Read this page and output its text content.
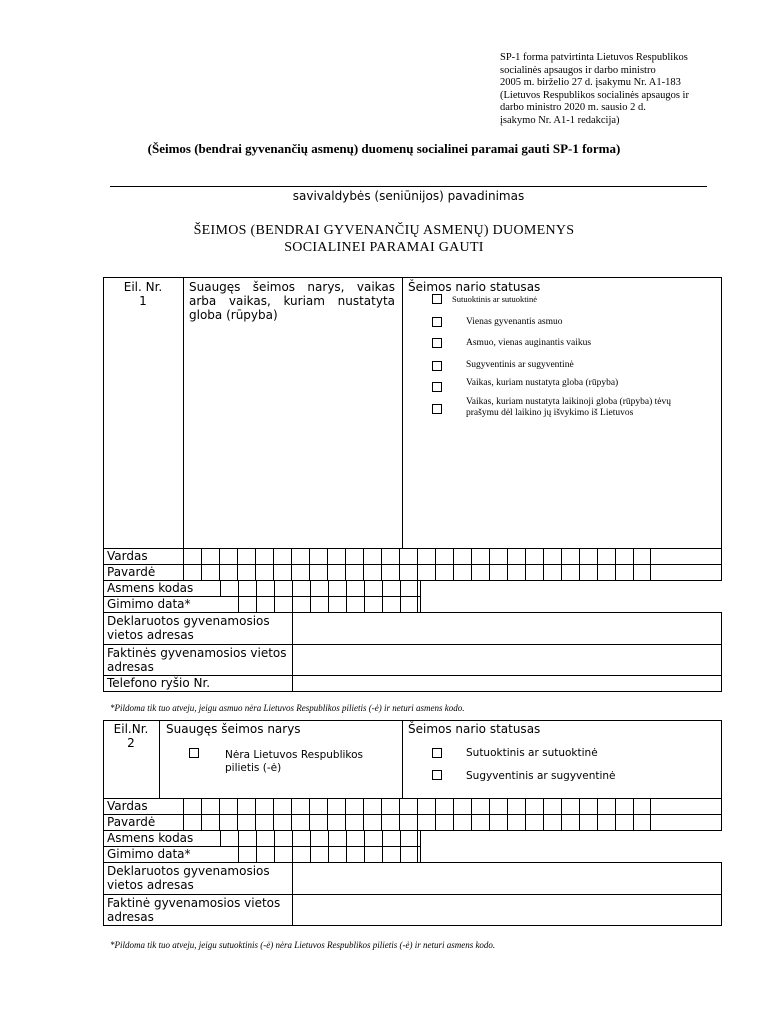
SP-1 forma patvirtinta Lietuvos Respublikos
socialinės apsaugos ir darbo ministro
2005 m. birželio 27 d. įsakymu Nr. A1-183
(Lietuvos Respublikos socialinės apsaugos ir
darbo ministro 2020 m. sausio 2 d.
įsakymo Nr. A1-1 redakcija)
(Šeimos (bendrai gyvenančių asmenų) duomenų socialinei paramai gauti SP-1 forma)
savivaldybės (seniūnijos) pavadinimas
ŠEIMOS (BENDRAI GYVENANČIŲ ASMENŲ) DUOMENYS
SOCIALINEI PARAMAI GAUTI
Eil. Nr.
1
Suaugęs šeimos narys, vaikas arba vaikas, kuriam nustatyta globa (rūpyba)
Šeimos nario statusas
Sutuoktinis ar sutuoktinė
Vienas gyvenantis asmuo
Asmuo, vienas auginantis vaikus
Sugyventinis ar sugyventinė
Vaikas, kuriam nustatyta globa (rūpyba)
Vaikas, kuriam nustatyta laikinoji globa (rūpyba) tėvų prašymu dėl laikino jų išvykimo iš Lietuvos
Vardas
Pavardė
Asmens kodas
Gimimo data*
Deklaruotos gyvenamosios vietos adresas
Faktinės gyvenamosios vietos adresas
Telefono ryšio Nr.
*Pildoma tik tuo atveju, jeigu asmuo nėra Lietuvos Respublikos pilietis (-ė) ir neturi asmens kodo.
Eil.Nr.
2
Suaugęs šeimos narys
Nėra Lietuvos Respublikos pilietis (-ė)
Šeimos nario statusas
Sutuoktinis ar sutuoktinė
Sugyventinis ar sugyventinė
Vardas
Pavardė
Asmens kodas
Gimimo data*
Deklaruotos gyvenamosios vietos adresas
Faktinė gyvenamosios vietos adresas
*Pildoma tik tuo atveju, jeigu sutuoktinis (-ė) nėra Lietuvos Respublikos pilietis (-ė) ir neturi asmens kodo.
